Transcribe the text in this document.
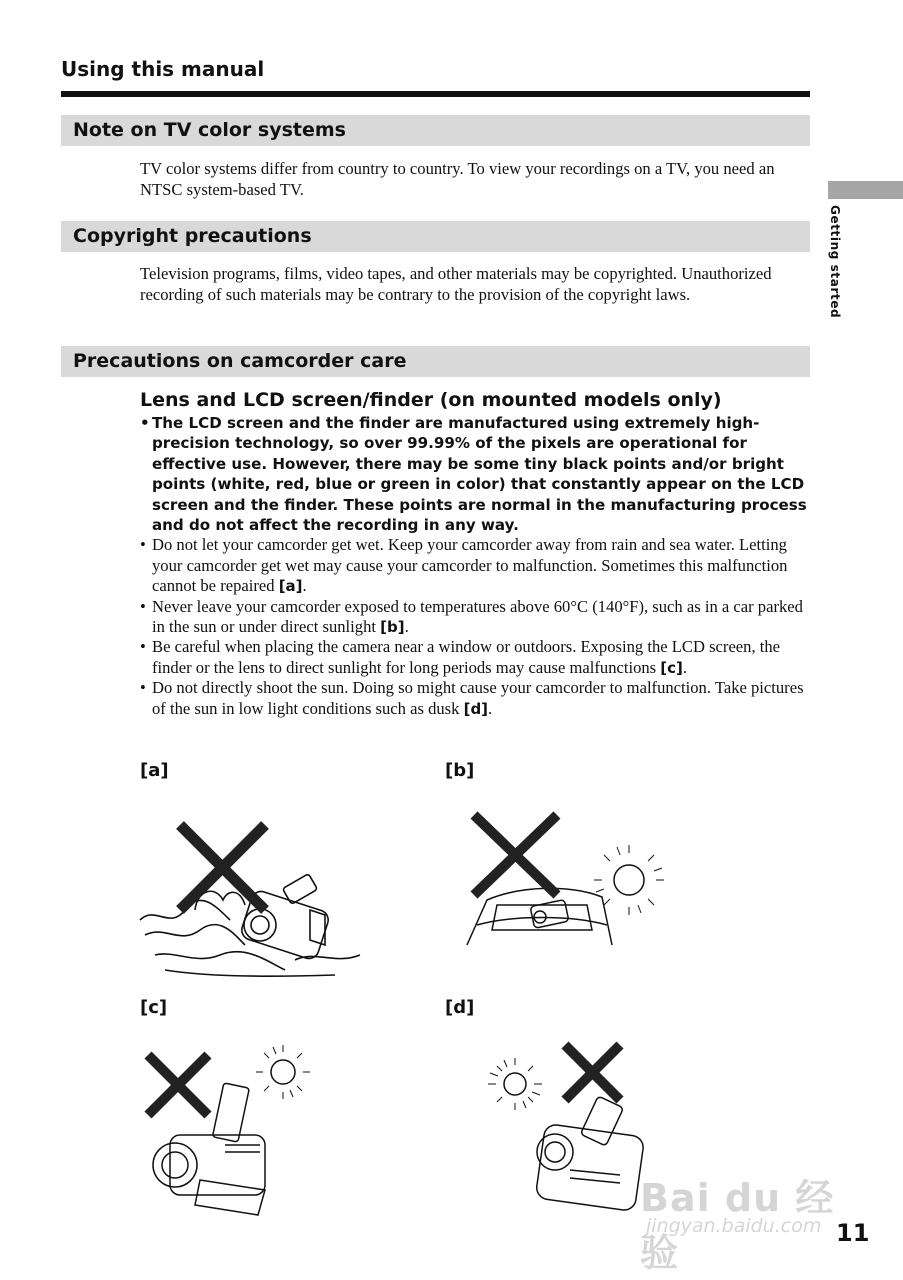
Using this manual
Getting started
Note on TV color systems
TV color systems differ from country to country. To view your recordings on a TV, you need an NTSC system-based TV.
Copyright precautions
Television programs, films, video tapes, and other materials may be copyrighted. Unauthorized recording of such materials may be contrary to the provision of the copyright laws.
Precautions on camcorder care
Lens and LCD screen/finder (on mounted models only)
• The LCD screen and the finder are manufactured using extremely high-precision technology, so over 99.99% of the pixels are operational for effective use. However, there may be some tiny black points and/or bright points (white, red, blue or green in color) that constantly appear on the LCD screen and the finder. These points are normal in the manufacturing process and do not affect the recording in any way.
• Do not let your camcorder get wet. Keep your camcorder away from rain and sea water. Letting your camcorder get wet may cause your camcorder to malfunction. Sometimes this malfunction cannot be repaired [a].
• Never leave your camcorder exposed to temperatures above 60°C (140°F), such as in a car parked in the sun or under direct sunlight [b].
• Be careful when placing the camera near a window or outdoors. Exposing the LCD screen, the finder or the lens to direct sunlight for long periods may cause malfunctions [c].
• Do not directly shoot the sun. Doing so might cause your camcorder to malfunction. Take pictures of the sun in low light conditions such as dusk [d].
[a]	[b]
[c]	[d]
Bai du 经验
jingyan.baidu.com 11
